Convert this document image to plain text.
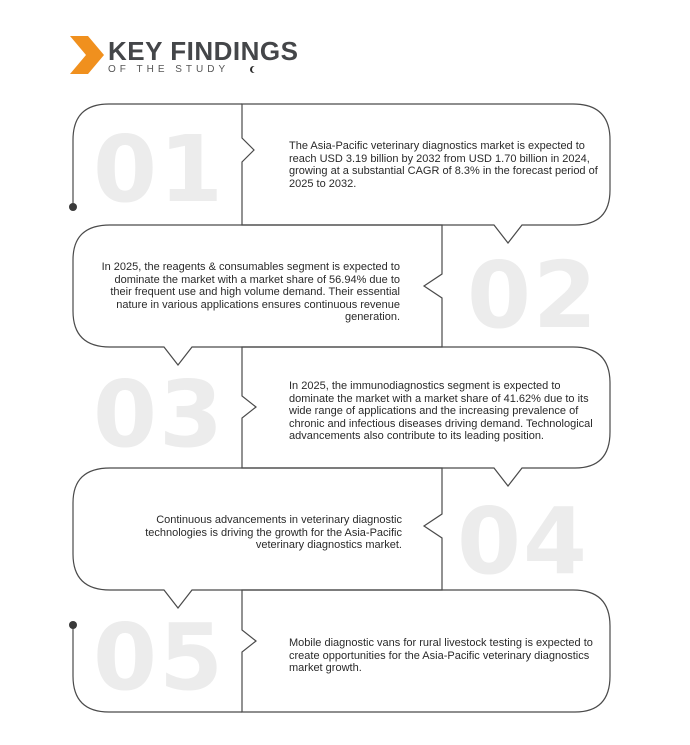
KEY FINDINGS
OF THE STUDY
01
02
03
04
05
The Asia-Pacific veterinary diagnostics market is expected to reach USD 3.19 billion by 2032 from USD 1.70 billion in 2024, growing at a substantial CAGR of 8.3% in the forecast period of 2025 to 2032.
In 2025, the reagents & consumables segment is expected to dominate the market with a market share of 56.94% due to their frequent use and high volume demand. Their essential nature in various applications ensures continuous revenue generation.
In 2025, the immunodiagnostics segment is expected to dominate the market with a market share of 41.62% due to its wide range of applications and the increasing prevalence of chronic and infectious diseases driving demand. Technological advancements also contribute to its leading position.
Continuous advancements in veterinary diagnostic technologies is driving the growth for the Asia-Pacific veterinary diagnostics market.
Mobile diagnostic vans for rural livestock testing is expected to create opportunities for the Asia-Pacific veterinary diagnostics market growth.
